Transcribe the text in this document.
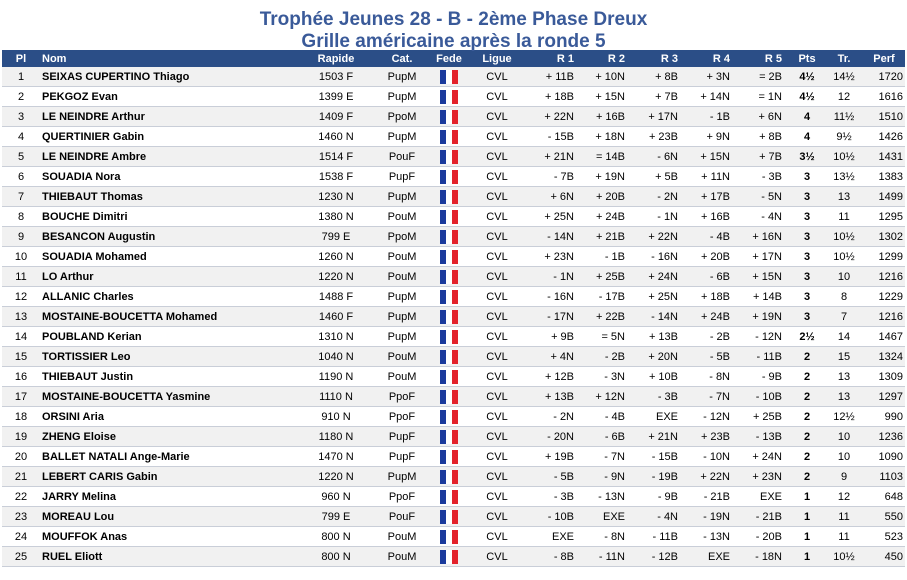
Trophée Jeunes 28 - B - 2ème Phase Dreux
Grille américaine après la ronde 5
Pl	Nom	Rapide	Cat.	Fede	Ligue	R 1	R 2	R 3	R 4	R 5	Pts	Tr.	Perf
1	SEIXAS CUPERTINO Thiago	1503 F	PupM		CVL	+ 11B	+ 10N	+ 8B	+ 3N	= 2B	4½	14½	1720
2	PEKGOZ Evan	1399 E	PupM		CVL	+ 18B	+ 15N	+ 7B	+ 14N	= 1N	4½	12	1616
3	LE NEINDRE Arthur	1409 F	PpoM		CVL	+ 22N	+ 16B	+ 17N	- 1B	+ 6N	4	11½	1510
4	QUERTINIER Gabin	1460 N	PupM		CVL	- 15B	+ 18N	+ 23B	+ 9N	+ 8B	4	9½	1426
5	LE NEINDRE Ambre	1514 F	PouF		CVL	+ 21N	= 14B	- 6N	+ 15N	+ 7B	3½	10½	1431
6	SOUADIA Nora	1538 F	PupF		CVL	- 7B	+ 19N	+ 5B	+ 11N	- 3B	3	13½	1383
7	THIEBAUT Thomas	1230 N	PupM		CVL	+ 6N	+ 20B	- 2N	+ 17B	- 5N	3	13	1499
8	BOUCHE Dimitri	1380 N	PouM		CVL	+ 25N	+ 24B	- 1N	+ 16B	- 4N	3	11	1295
9	BESANCON Augustin	799 E	PpoM		CVL	- 14N	+ 21B	+ 22N	- 4B	+ 16N	3	10½	1302
10	SOUADIA Mohamed	1260 N	PouM		CVL	+ 23N	- 1B	- 16N	+ 20B	+ 17N	3	10½	1299
11	LO Arthur	1220 N	PouM		CVL	- 1N	+ 25B	+ 24N	- 6B	+ 15N	3	10	1216
12	ALLANIC Charles	1488 F	PupM		CVL	- 16N	- 17B	+ 25N	+ 18B	+ 14B	3	8	1229
13	MOSTAINE-BOUCETTA Mohamed	1460 F	PupM		CVL	- 17N	+ 22B	- 14N	+ 24B	+ 19N	3	7	1216
14	POUBLAND Kerian	1310 N	PupM		CVL	+ 9B	= 5N	+ 13B	- 2B	- 12N	2½	14	1467
15	TORTISSIER Leo	1040 N	PouM		CVL	+ 4N	- 2B	+ 20N	- 5B	- 11B	2	15	1324
16	THIEBAUT Justin	1190 N	PouM		CVL	+ 12B	- 3N	+ 10B	- 8N	- 9B	2	13	1309
17	MOSTAINE-BOUCETTA Yasmine	1110 N	PpoF		CVL	+ 13B	+ 12N	- 3B	- 7N	- 10B	2	13	1297
18	ORSINI Aria	910 N	PpoF		CVL	- 2N	- 4B	EXE	- 12N	+ 25B	2	12½	990
19	ZHENG Eloise	1180 N	PupF		CVL	- 20N	- 6B	+ 21N	+ 23B	- 13B	2	10	1236
20	BALLET NATALI Ange-Marie	1470 N	PupF		CVL	+ 19B	- 7N	- 15B	- 10N	+ 24N	2	10	1090
21	LEBERT CARIS Gabin	1220 N	PupM		CVL	- 5B	- 9N	- 19B	+ 22N	+ 23N	2	9	1103
22	JARRY Melina	960 N	PpoF		CVL	- 3B	- 13N	- 9B	- 21B	EXE	1	12	648
23	MOREAU Lou	799 E	PouF		CVL	- 10B	EXE	- 4N	- 19N	- 21B	1	11	550
24	MOUFFOK Anas	800 N	PouM		CVL	EXE	- 8N	- 11B	- 13N	- 20B	1	11	523
25	RUEL Eliott	800 N	PouM		CVL	- 8B	- 11N	- 12B	EXE	- 18N	1	10½	450
